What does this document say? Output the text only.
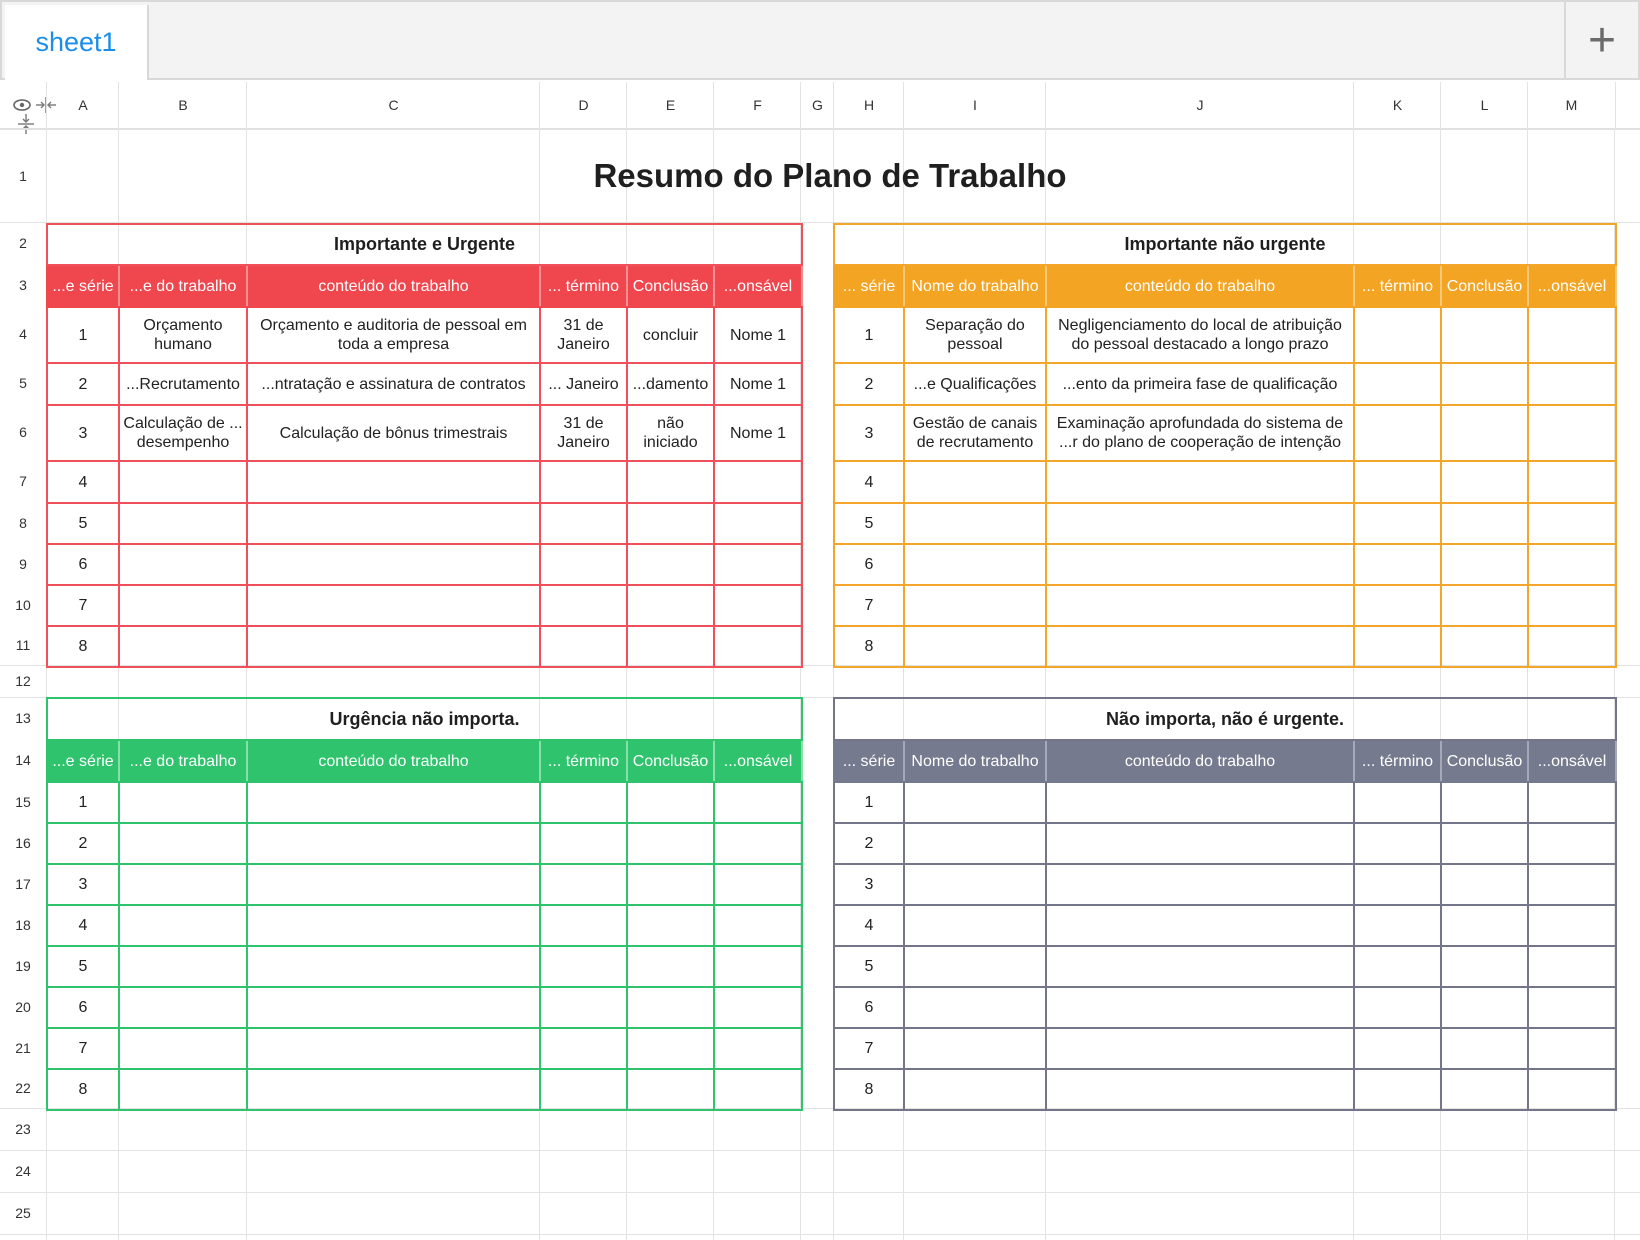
sheet1	+
A	B	C	D	E	F	G	H	I	J	K	L	M
1
2
3
4
5
6
7
8
9
10
11
12
13
14
15
16
17
18
19
20
21
22
23
24
25
Resumo do Plano de Trabalho
Importante e Urgente					
...e série	...e do trabalho	conteúdo do trabalho	... término	Conclusão	...onsável
1	Orçamento humano	Orçamento e auditoria de pessoal em toda a empresa	31 de Janeiro	concluir	Nome 1
2	...Recrutamento	...ntratação e assinatura de contratos	... Janeiro	...damento	Nome 1
3	Calculação de ... desempenho	Calculação de bônus trimestrais	31 de Janeiro	não iniciado	Nome 1
4					
5					
6					
7					
8					
Importante não urgente					
... série	Nome do trabalho	conteúdo do trabalho	... término	Conclusão	...onsável
1	Separação do pessoal	Negligenciamento do local de atribuição do pessoal destacado a longo prazo			
2	...e Qualificações	...ento da primeira fase de qualificação			
3	Gestão de canais de recrutamento	Examinação aprofundada do sistema de ...r do plano de cooperação de intenção			
4					
5					
6					
7					
8					
Urgência não importa.					
...e série	...e do trabalho	conteúdo do trabalho	... término	Conclusão	...onsável
1					
2					
3					
4					
5					
6					
7					
8					
Não importa, não é urgente.					
... série	Nome do trabalho	conteúdo do trabalho	... término	Conclusão	...onsável
1					
2					
3					
4					
5					
6					
7					
8					
